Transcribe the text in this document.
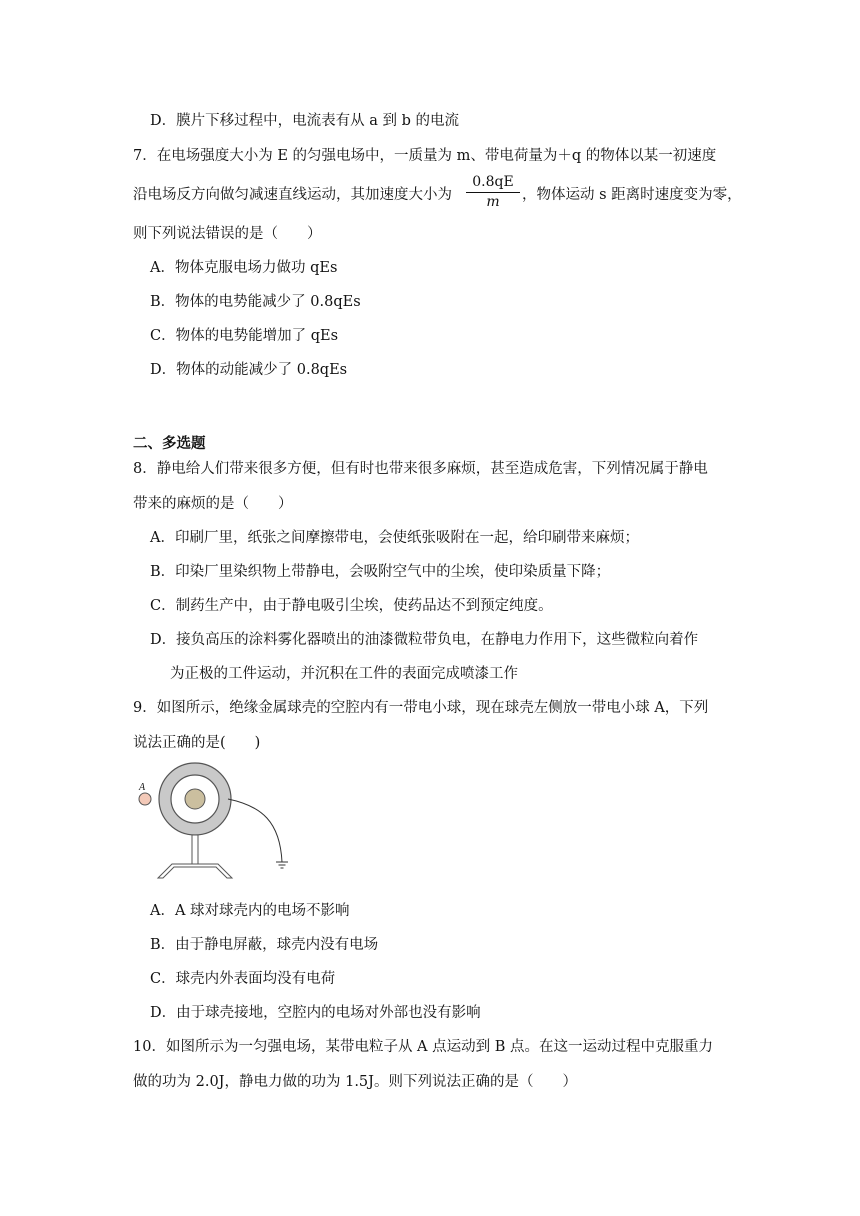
D．膜片下移过程中，电流表有从 a 到 b 的电流
7．在电场强度大小为 E 的匀强电场中，一质量为 m、带电荷量为＋q 的物体以某一初速度
沿电场反方向做匀减速直线运动，其加速度大小为 $\frac{0.8qE}{m}$ ，物体运动 s 距离时速度变为零，
则下列说法错误的是（　　）
A．物体克服电场力做功 qEs
B．物体的电势能减少了 0.8qEs
C．物体的电势能增加了 qEs
D．物体的动能减少了 0.8qEs
二、多选题
8．静电给人们带来很多方便，但有时也带来很多麻烦，甚至造成危害，下列情况属于静电
带来的麻烦的是（　　）
A．印刷厂里，纸张之间摩擦带电，会使纸张吸附在一起，给印刷带来麻烦；
B．印染厂里染织物上带静电，会吸附空气中的尘埃，使印染质量下降；
C．制药生产中，由于静电吸引尘埃，使药品达不到预定纯度。
D．接负高压的涂料雾化器喷出的油漆微粒带负电，在静电力作用下，这些微粒向着作
为正极的工件运动，并沉积在工件的表面完成喷漆工作
9．如图所示，绝缘金属球壳的空腔内有一带电小球，现在球壳左侧放一带电小球 A，下列
说法正确的是(　　)
A
A．A 球对球壳内的电场不影响
B．由于静电屏蔽，球壳内没有电场
C．球壳内外表面均没有电荷
D．由于球壳接地，空腔内的电场对外部也没有影响
10．如图所示为一匀强电场，某带电粒子从 A 点运动到 B 点。在这一运动过程中克服重力
做的功为 2.0J，静电力做的功为 1.5J。则下列说法正确的是（　　）
